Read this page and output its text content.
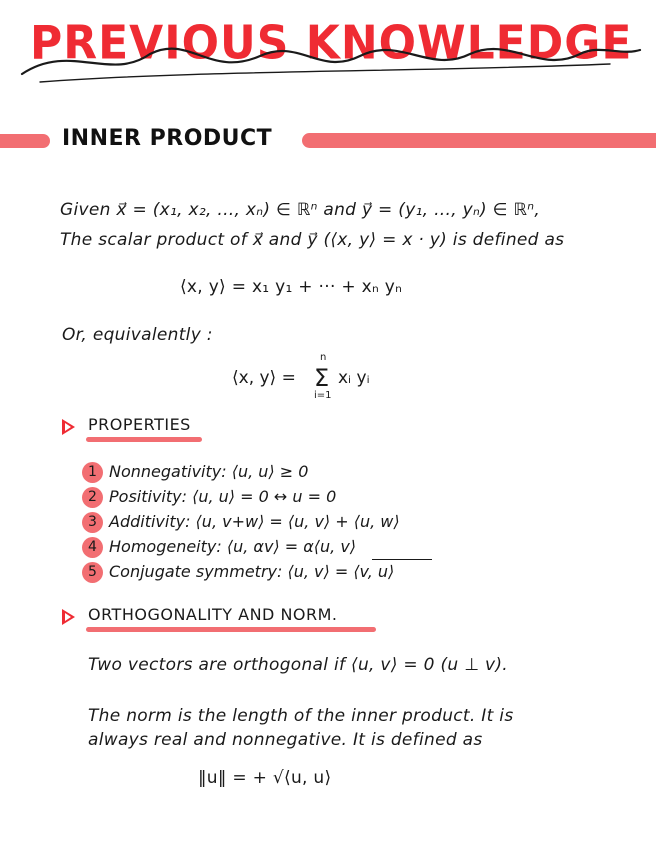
PREVIOUS KNOWLEDGE
INNER PRODUCT
Given x⃗ = (x₁, x₂, ..., xₙ) ∈ ℝⁿ and y⃗ = (y₁, ..., yₙ) ∈ ℝⁿ,
The scalar product of x⃗ and y⃗ (⟨x, y⟩ = x · y) is defined as
⟨x, y⟩ = x₁ y₁ + ··· + xₙ yₙ
Or, equivalently :
⟨x, y⟩ =
n
Σ
i=1
xᵢ yᵢ
PROPERTIES
1 Nonnegativity: ⟨u, u⟩ ≥ 0
2 Positivity: ⟨u, u⟩ = 0 ↔ u = 0
3 Additivity: ⟨u, v+w⟩ = ⟨u, v⟩ + ⟨u, w⟩
4 Homogeneity: ⟨u, αv⟩ = α⟨u, v⟩
5 Conjugate symmetry: ⟨u, v⟩ = ⟨v, u⟩
ORTHOGONALITY AND NORM.
Two vectors are orthogonal if ⟨u, v⟩ = 0 (u ⊥ v).
The norm is the length of the inner product. It is
always real and nonnegative. It is defined as
‖u‖ = + √⟨u, u⟩
